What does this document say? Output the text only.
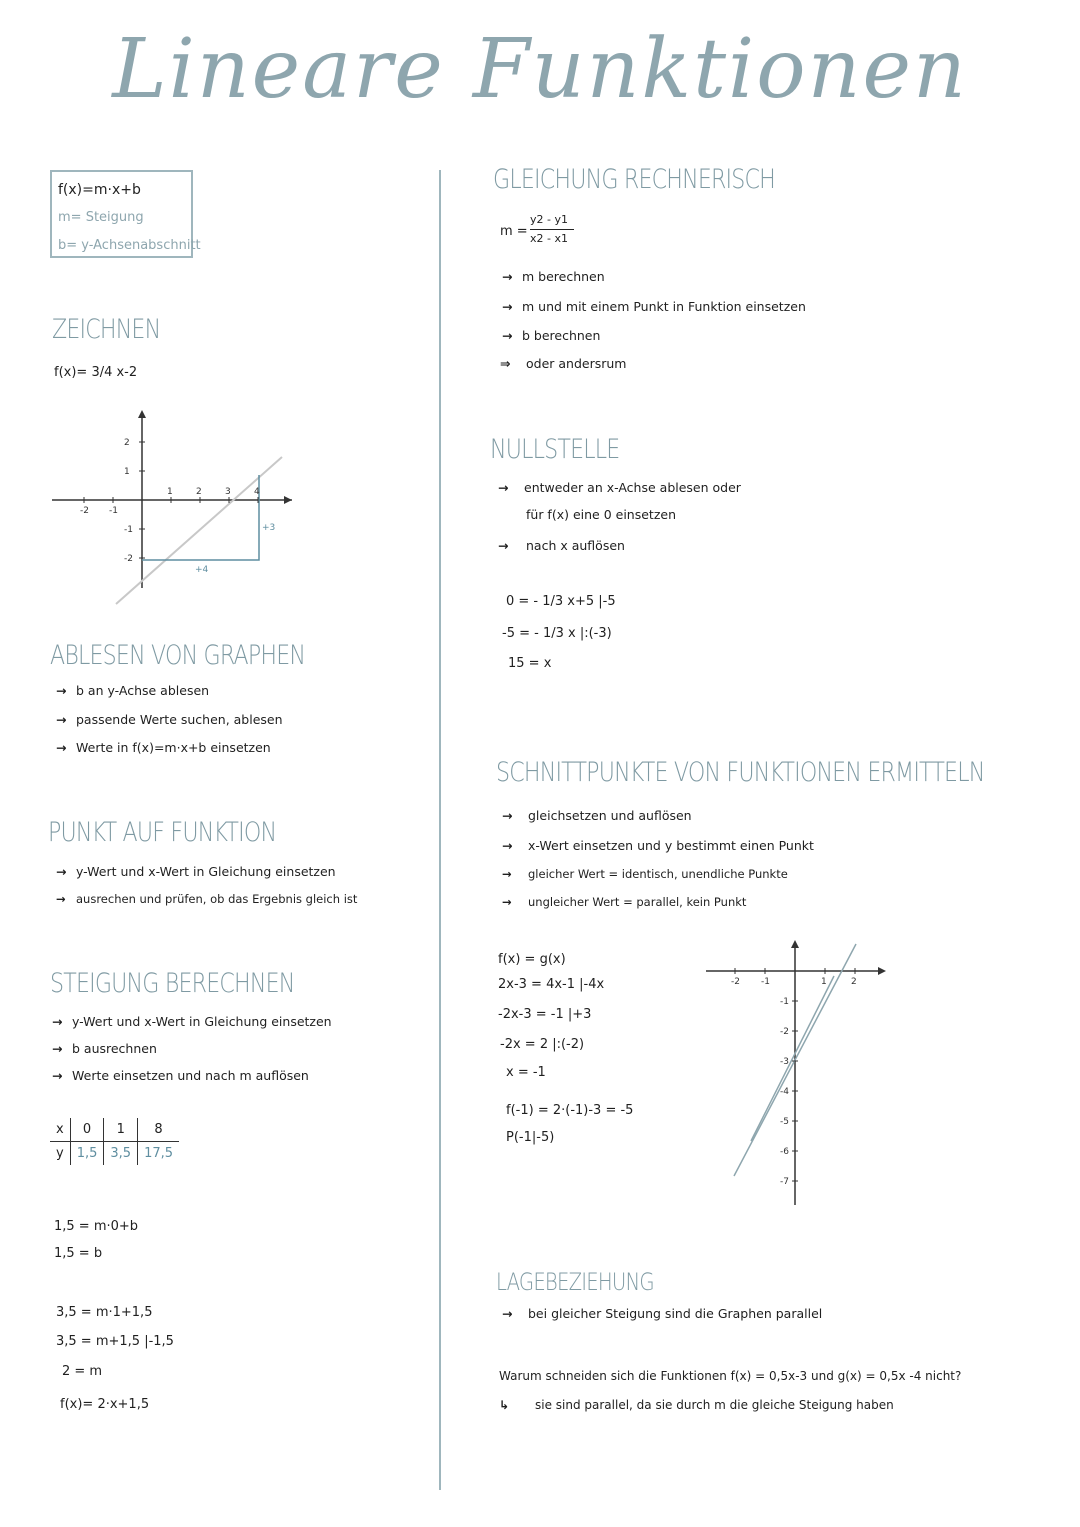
Lineare Funktionen
f(x)=m·x+b
m= Steigung
b= y-Achsenabschnitt
ZEICHNEN
f(x)= 3/4 x-2
-2 -1
1	2	3	4
2
1
-1
-2
+4
+3
ABLESEN VON GRAPHEN
→ b an y-Achse ablesen
→ passende Werte suchen, ablesen
→ Werte in f(x)=m·x+b einsetzen
PUNKT AUF FUNKTION
→ y-Wert und x-Wert in Gleichung einsetzen
→ ausrechen und prüfen, ob das Ergebnis gleich ist
STEIGUNG BERECHNEN
→ y-Wert und x-Wert in Gleichung einsetzen
→ b ausrechnen
→ Werte einsetzen und nach m auflösen
x	0	1	8
y	1,5	3,5	17,5
1,5 = m·0+b
1,5 = b
3,5 = m·1+1,5
3,5 = m+1,5 |-1,5
2 = m
f(x)= 2·x+1,5
GLEICHUNG RECHNERISCH
m =
y2 - y1
x2 - x1
→ m berechnen
→ m und mit einem Punkt in Funktion einsetzen
→ b berechnen
⇒ oder andersrum
NULLSTELLE
→ entweder an x-Achse ablesen oder
für f(x) eine 0 einsetzen
→ nach x auflösen
0 = - 1/3 x+5 |-5
-5 = - 1/3 x |:(-3)
15 = x
SCHNITTPUNKTE VON FUNKTIONEN ERMITTELN
→ gleichsetzen und auflösen
→ x-Wert einsetzen und y bestimmt einen Punkt
→ gleicher Wert = identisch, unendliche Punkte
→ ungleicher Wert = parallel, kein Punkt
f(x) = g(x)
2x-3 = 4x-1 |-4x
-2x-3 = -1 |+3
-2x = 2 |:(-2)
x = -1
f(-1) = 2·(-1)-3 = -5
P(-1|-5)
-2 -1	1	2
-1
-2
-3
-4
-5
-6
-7
LAGEBEZIEHUNG
→ bei gleicher Steigung sind die Graphen parallel
Warum schneiden sich die Funktionen f(x) = 0,5x-3 und g(x) = 0,5x -4 nicht?
↳ sie sind parallel, da sie durch m die gleiche Steigung haben
